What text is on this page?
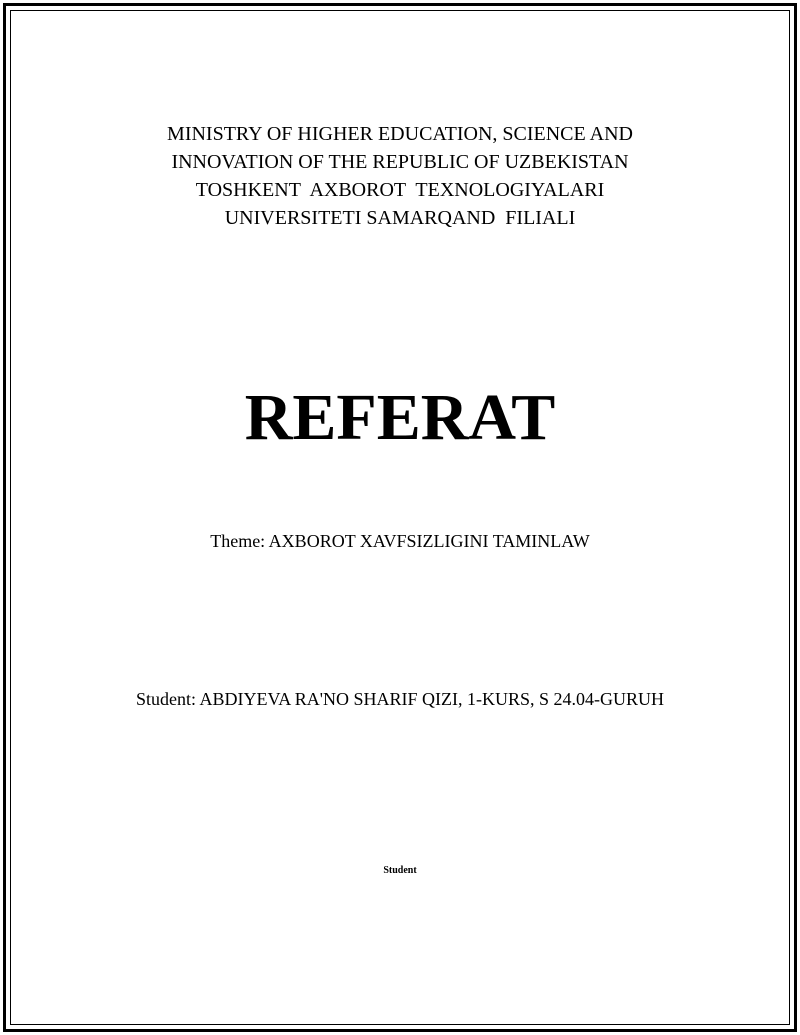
MINISTRY OF HIGHER EDUCATION, SCIENCE AND
INNOVATION OF THE REPUBLIC OF UZBEKISTAN
TOSHKENT  AXBOROT  TEXNOLOGIYALARI
UNIVERSITETI SAMARQAND  FILIALI
REFERAT
Theme: AXBOROT XAVFSIZLIGINI TAMINLAW
Student: ABDIYEVA RA'NO SHARIF QIZI, 1-KURS, S 24.04-GURUH
Student
